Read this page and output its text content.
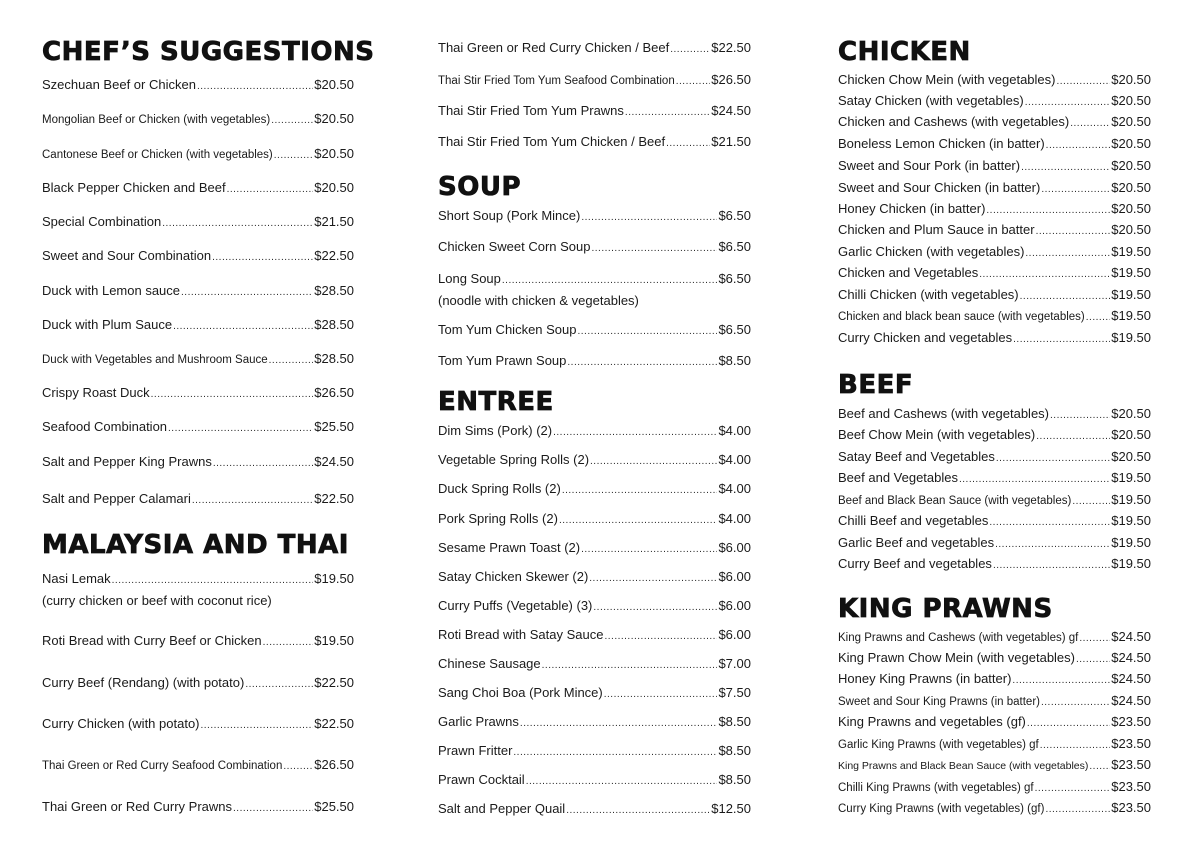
CHEF’S SUGGESTIONS
Szechuan Beef or Chicken .....	$20.50
Mongolian Beef or Chicken (with vegetables) .....	$20.50
Cantonese Beef or Chicken (with vegetables) .....	$20.50
Black Pepper Chicken and Beef .....	$20.50
Special Combination .....	$21.50
Sweet and Sour Combination .....	$22.50
Duck with Lemon sauce .....	$28.50
Duck with Plum Sauce .....	$28.50
Duck with Vegetables and Mushroom Sauce .....	$28.50
Crispy Roast Duck .....	$26.50
Seafood Combination .....	$25.50
Salt and Pepper King Prawns .....	$24.50
Salt and Pepper Calamari .....	$22.50
MALAYSIA AND THAI
Nasi Lemak .....	$19.50
(curry chicken or beef with coconut rice)
Roti Bread with Curry Beef or Chicken .....	$19.50
Curry Beef (Rendang) (with potato) .....	$22.50
Curry Chicken (with potato) .....	$22.50
Thai Green or Red Curry Seafood Combination ..... $26.50
Thai Green or Red Curry Prawns .....	$25.50
Thai Green or Red Curry Chicken / Beef .....	$22.50
Thai Stir Fried Tom Yum Seafood Combination .....	$26.50
Thai Stir Fried Tom Yum Prawns .....	$24.50
Thai Stir Fried Tom Yum Chicken / Beef .....	$21.50
SOUP
Short Soup (Pork Mince) .....	$6.50
Chicken Sweet Corn Soup .....	$6.50
Long Soup .....	$6.50
(noodle with chicken & vegetables)
Tom Yum Chicken Soup .....	$6.50
Tom Yum Prawn Soup .....	$8.50
ENTREE
Dim Sims (Pork) (2) .....	$4.00
Vegetable Spring Rolls (2) .....	$4.00
Duck Spring Rolls (2) .....	$4.00
Pork Spring Rolls (2) .....	$4.00
Sesame Prawn Toast (2) .....	$6.00
Satay Chicken Skewer (2) .....	$6.00
Curry Puffs (Vegetable) (3) .....	$6.00
Roti Bread with Satay Sauce .....	$6.00
Chinese Sausage .....	$7.00
Sang Choi Boa (Pork Mince) .....	$7.50
Garlic Prawns .....	$8.50
Prawn Fritter .....	$8.50
Prawn Cocktail .....	$8.50
Salt and Pepper Quail .....	$12.50
CHICKEN
Chicken Chow Mein (with vegetables) .....	$20.50
Satay Chicken (with vegetables) .....	$20.50
Chicken and Cashews (with vegetables) .....	$20.50
Boneless Lemon Chicken (in batter) .....	$20.50
Sweet and Sour Pork (in batter) .....	$20.50
Sweet and Sour Chicken (in batter) .....	$20.50
Honey Chicken (in batter) .....	$20.50
Chicken and Plum Sauce in batter .....	$20.50
Garlic Chicken (with vegetables) .....	$19.50
Chicken and Vegetables .....	$19.50
Chilli Chicken (with vegetables) .....	$19.50
Chicken and black bean sauce (with vegetables) ..... $19.50
Curry Chicken and vegetables .....	$19.50
BEEF
Beef and Cashews (with vegetables) .....	$20.50
Beef Chow Mein (with vegetables) .....	$20.50
Satay Beef and Vegetables .....	$20.50
Beef and Vegetables .....	$19.50
Beef and Black Bean Sauce (with vegetables) .....	$19.50
Chilli Beef and vegetables .....	$19.50
Garlic Beef and vegetables .....	$19.50
Curry Beef and vegetables .....	$19.50
KING PRAWNS
King Prawns and Cashews (with vegetables) gf .....	$24.50
King Prawn Chow Mein (with vegetables) .....	$24.50
Honey King Prawns (in batter) .....	$24.50
Sweet and Sour King Prawns (in batter) .....	$24.50
King Prawns and vegetables (gf) .....	$23.50
Garlic King Prawns (with vegetables) gf .....	$23.50
King Prawns and Black Bean Sauce (with vegetables) ..... $23.50
Chilli King Prawns (with vegetables) gf .....	$23.50
Curry King Prawns (with vegetables) (gf) .....	$23.50
